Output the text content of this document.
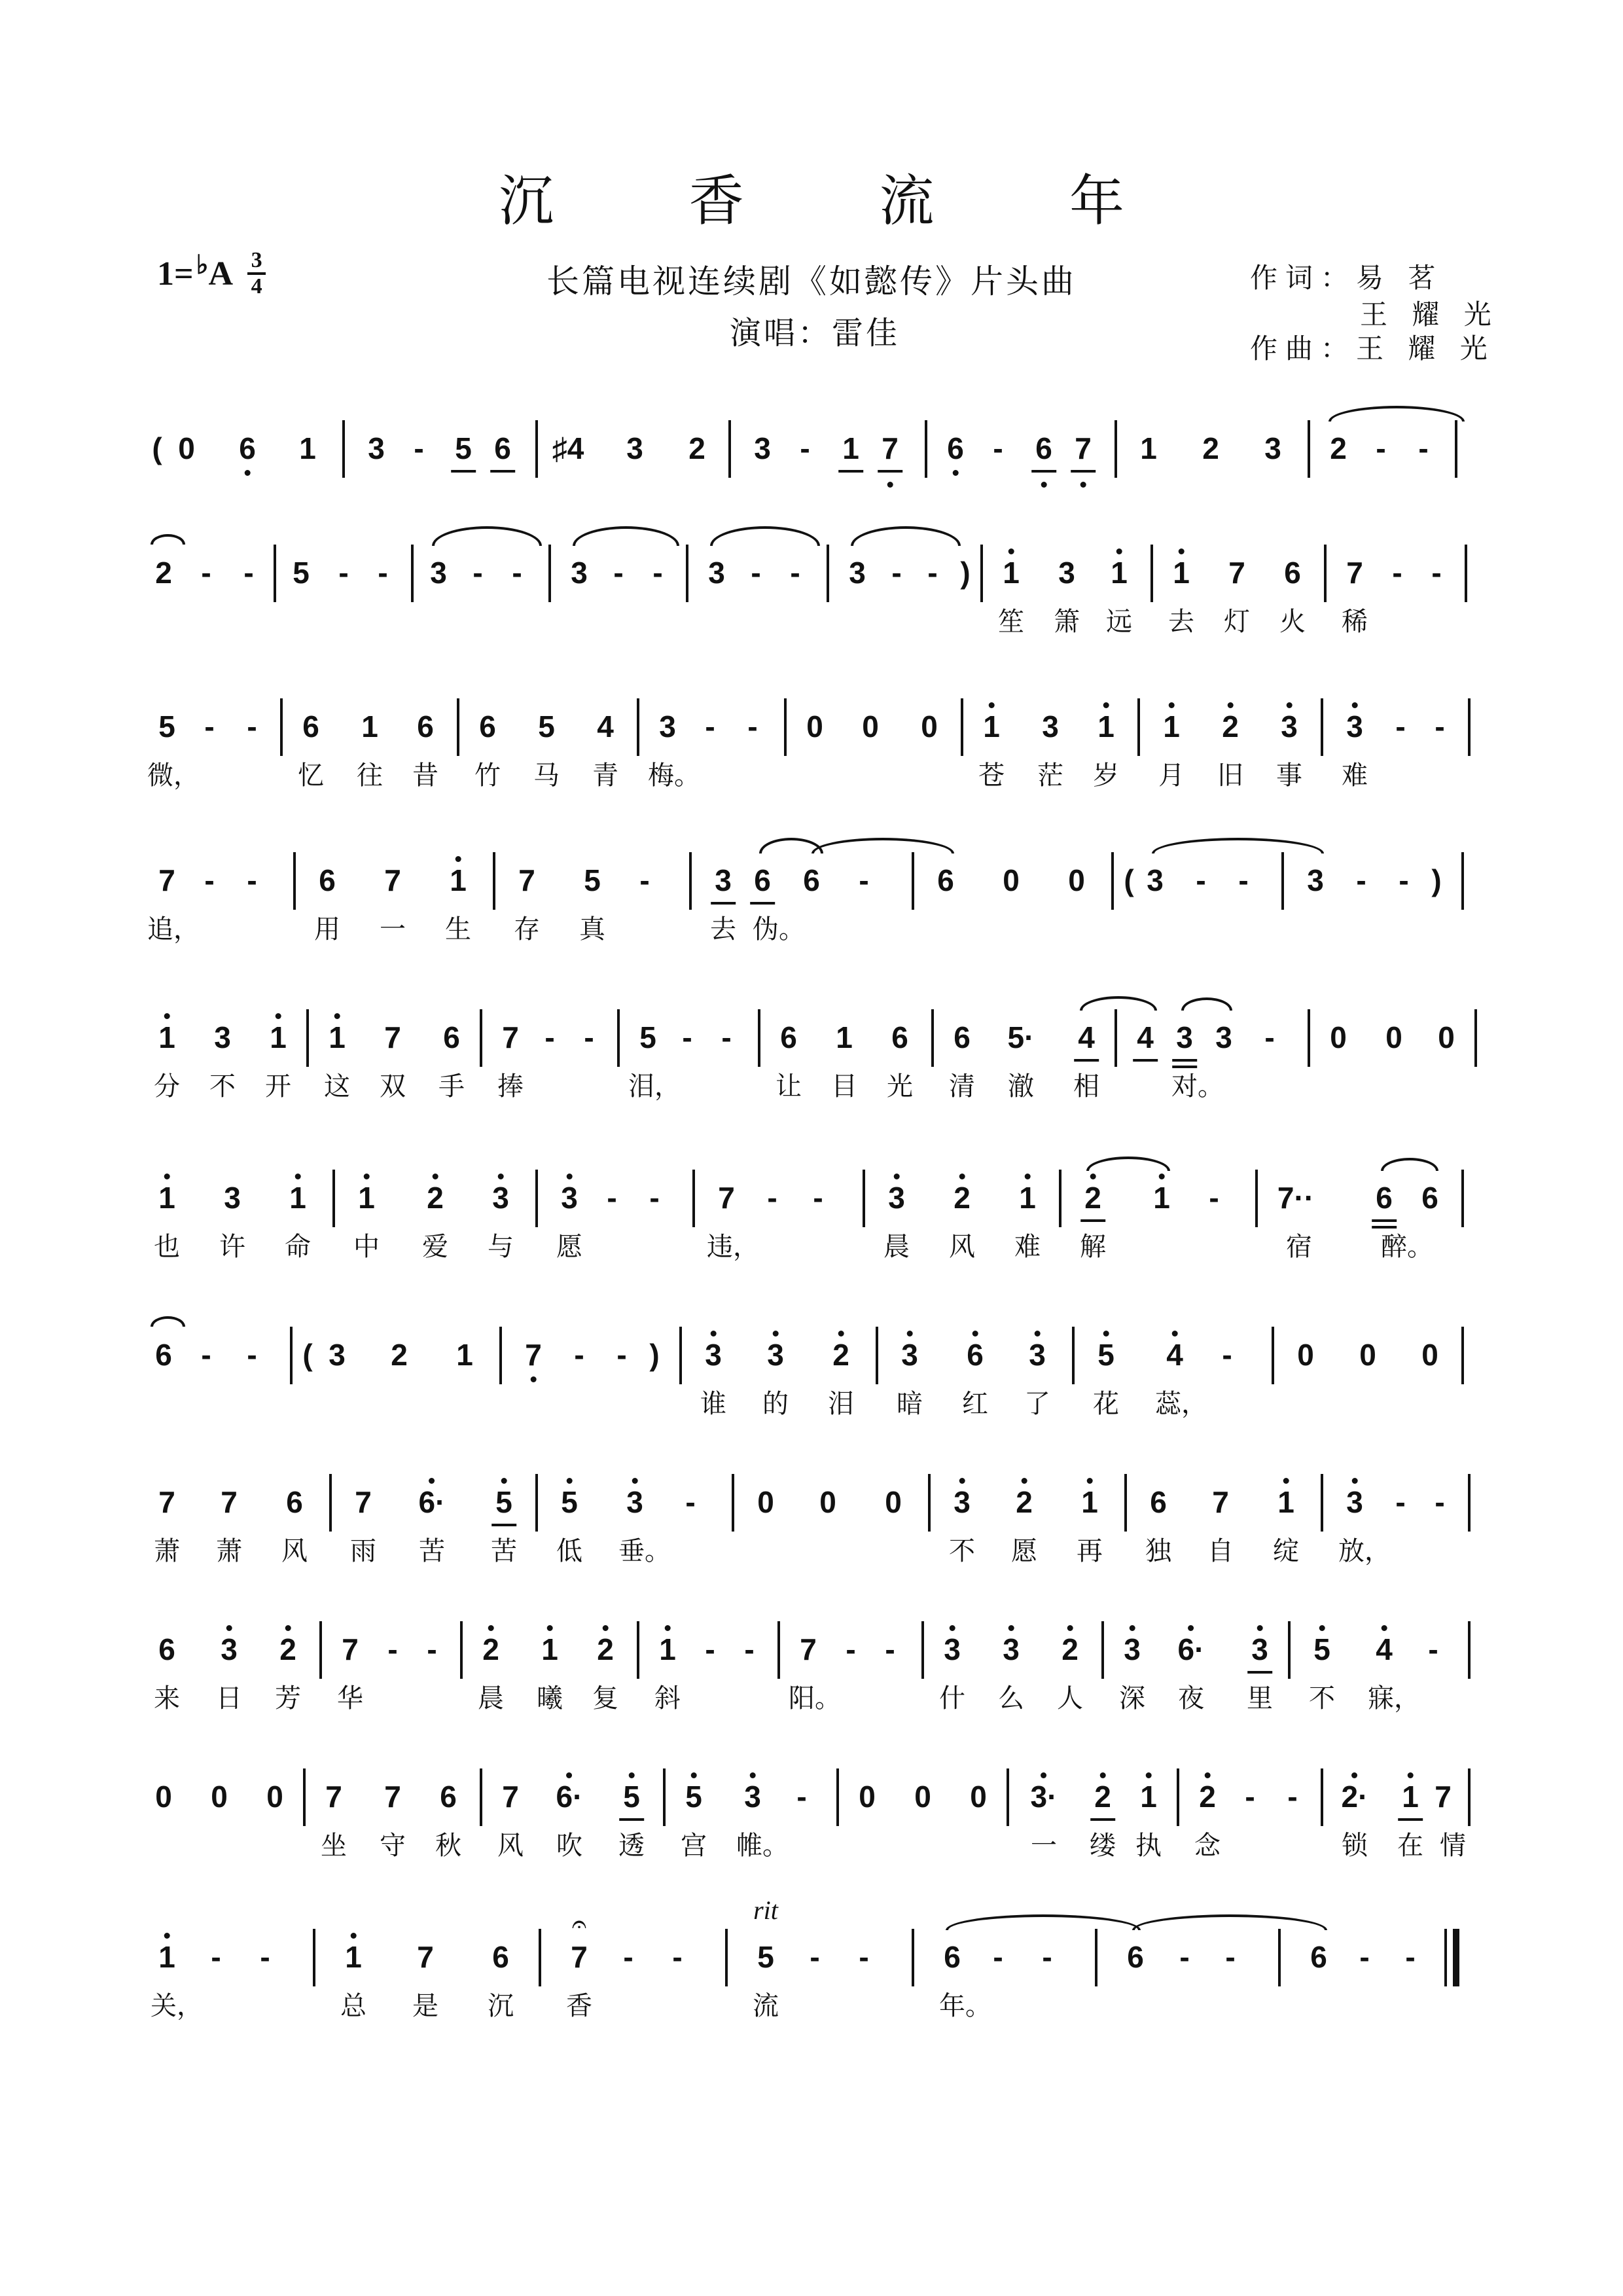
沉 香 流 年
1= ♭ A 3
4	长篇电视连续剧《如懿传》片头曲
演唱：雷佳
作词：易 茗
王 耀 光
作曲：王 耀 光
( 0 6 1 3 - 5 6 ♯4 3 2 3 - 1 7 6 - 6 7 1 2 3 2 - -
2 - - 5 - - 3 - - 3 - - 3 - - 3 - - ) 1 3 1 1 7 6 7 - -
笙 箫 远 去 灯 火 稀
5 - - 6 1 6 6 5 4 3 - - 0 0 0 1 3 1 1 2 3 3 - -
微，	忆 往 昔 竹 马 青 梅。	苍 茫 岁 月 旧 事 难
7 - - 6 7 1 7 5 - 3 6 6 - 6 0 0 ( 3 - - 3 - - )
追，	用 一 生 存 真	去 伪。
1 3 1 1 7 6 7 - - 5 - - 6 1 6 6 5· 4 4 3 3 - 0 0 0
分 不 开 这 双 手 捧	泪，	让 目 光 清 澈 相	对。
1 3 1 1 2 3 3 - - 7 - - 3 2 1 2 1 - 7·· 6 6
也 许 命 中 爱 与 愿	违，	晨 风 难 解	宿	醉。
6 - - ( 3 2 1 7 - - ) 3 3 2 3 6 3 5 4 - 0 0 0
谁 的 泪 暗 红 了 花 蕊，
7 7 6 7 6· 5 5 3 - 0 0 0 3 2 1 6 7 1 3 - -
萧 萧 风 雨 苦 苦 低 垂。	不 愿 再 独 自 绽 放，
6 3 2 7 - - 2 1 2 1 - - 7 - - 3 3 2 3 6· 3 5 4 -
来 日 芳 华	晨 曦 复 斜	阳。	什 么 人 深 夜 里 不 寐，
0 0 0 7 7 6 7 6· 5 5 3 - 0 0 0 3· 2 1 2 - - 2· 1 7
坐 守 秋 风 吹 透 宫 帷。	一 缕 执 念	锁 在 情
1 - - 1 7 6
𝄐
7 - -
rit
5 - - 6 - - 6 - - 6 - -
关，	总 是 沉 香	流	年。
